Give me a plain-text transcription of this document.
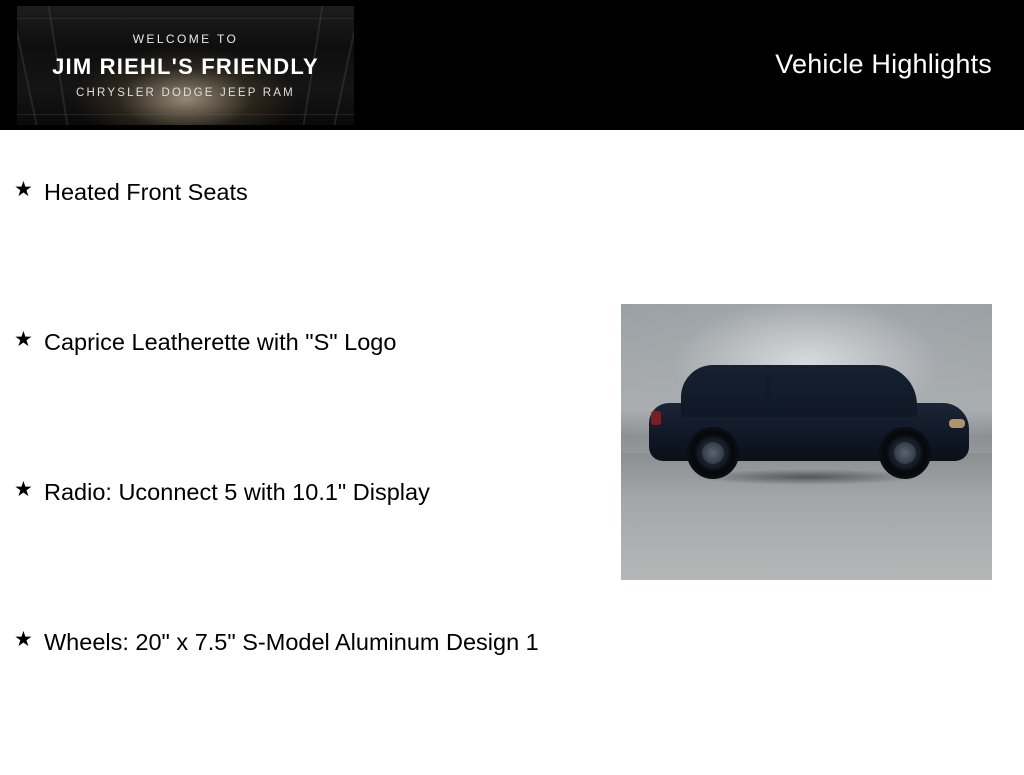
WELCOME TO
JIM RIEHL'S FRIENDLY
CHRYSLER DODGE JEEP RAM
Vehicle Highlights
★ Heated Front Seats
★ Caprice Leatherette with "S" Logo
★ Radio: Uconnect 5 with 10.1" Display
★ Wheels: 20" x 7.5" S-Model Aluminum Design 1
